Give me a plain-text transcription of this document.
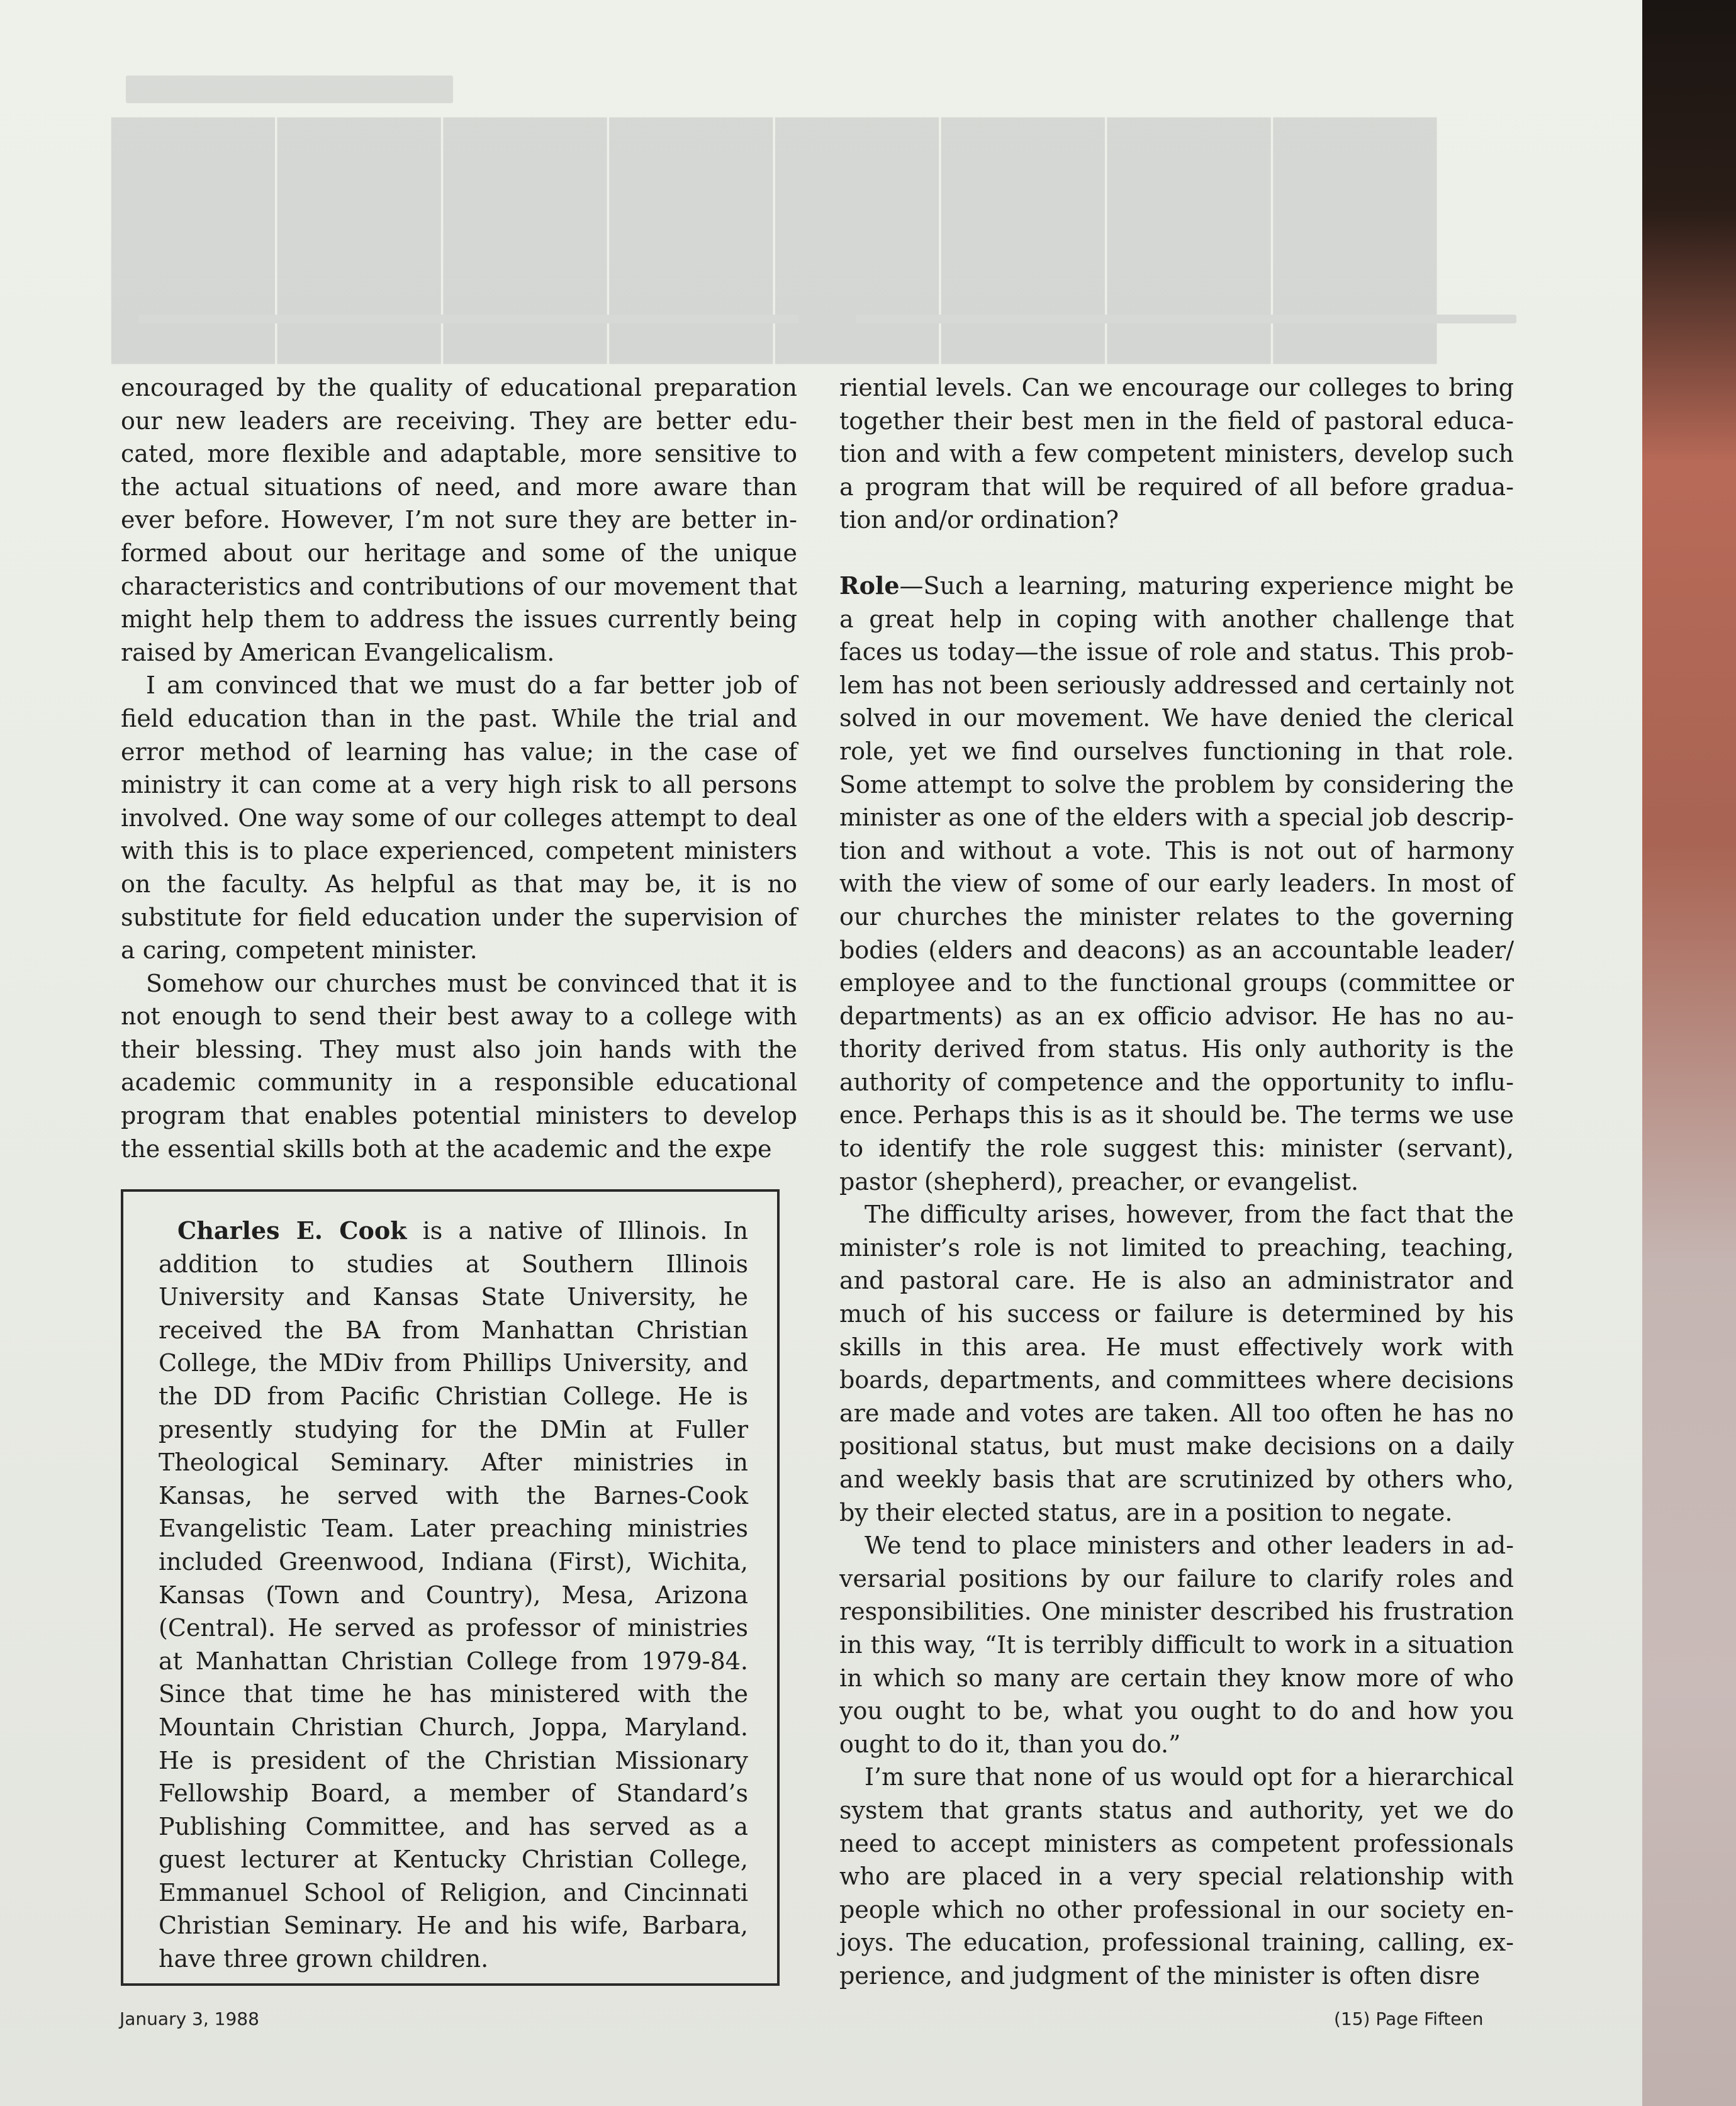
████████

encouraged by the quality of educational preparation our new leaders are receiving. They are better educated, more flexible and adaptable, more sensitive to the actual situations of need, and more aware than ever before. However, I’m not sure they are better informed about our heritage and some of the unique characteristics and contributions of our movement that might help them to address the issues currently being raised by American Evangelicalism.

I am convinced that we must do a far better job of field education than in the past. While the trial and error method of learning has value; in the case of ministry it can come at a very high risk to all persons involved. One way some of our colleges attempt to deal with this is to place experienced, competent ministers on the faculty. As helpful as that may be, it is no substitute for field education under the supervision of a caring, competent minister.

Somehow our churches must be convinced that it is not enough to send their best away to a college with their blessing. They must also join hands with the academic community in a responsible educational program that enables potential ministers to develop the essential skills both at the academic and the expe

Charles E. Cook is a native of Illinois. In addition to studies at Southern Illinois University and Kansas State University, he received the BA from Manhattan Christian College, the MDiv from Phillips University, and the DD from Pacific Christian College. He is presently studying for the DMin at Fuller Theological Seminary. After ministries in Kansas, he served with the Barnes-Cook Evangelistic Team. Later preaching ministries included Greenwood, Indiana (First), Wichita, Kansas (Town and Country), Mesa, Arizona (Central). He served as professor of ministries at Manhattan Christian College from 1979-84. Since that time he has ministered with the Mountain Christian Church, Joppa, Maryland. He is president of the Christian Missionary Fellowship Board, a member of Standard’s Publishing Committee, and has served as a guest lecturer at Kentucky Christian College, Emmanuel School of Religion, and Cincinnati Christian Seminary. He and his wife, Barbara, have three grown children.

riential levels. Can we encourage our colleges to bring together their best men in the field of pastoral education and with a few competent ministers, develop such a program that will be required of all before graduation and/or ordination?

Role—Such a learning, maturing experience might be a great help in coping with another challenge that faces us today—the issue of role and status. This problem has not been seriously addressed and certainly not solved in our movement. We have denied the clerical role, yet we find ourselves functioning in that role. Some attempt to solve the problem by considering the minister as one of the elders with a special job description and without a vote. This is not out of harmony with the view of some of our early leaders. In most of our churches the minister relates to the governing bodies (elders and deacons) as an accountable leader/ employee and to the functional groups (committee or departments) as an ex officio advisor. He has no authority derived from status. His only authority is the authority of competence and the opportunity to influence. Perhaps this is as it should be. The terms we use to identify the role suggest this: minister (servant), pastor (shepherd), preacher, or evangelist.

The difficulty arises, however, from the fact that the minister’s role is not limited to preaching, teaching, and pastoral care. He is also an administrator and much of his success or failure is determined by his skills in this area. He must effectively work with boards, departments, and committees where decisions are made and votes are taken. All too often he has no positional status, but must make decisions on a daily and weekly basis that are scrutinized by others who, by their elected status, are in a position to negate.

We tend to place ministers and other leaders in adversarial positions by our failure to clarify roles and responsibilities. One minister described his frustration in this way, “It is terribly difficult to work in a situation in which so many are certain they know more of who you ought to be, what you ought to do and how you ought to do it, than you do.”

I’m sure that none of us would opt for a hierarchical system that grants status and authority, yet we do need to accept ministers as competent professionals who are placed in a very special relationship with people which no other professional in our society enjoys. The education, professional training, calling, experience, and judgment of the minister is often disre

January 3, 1988	(15) Page Fifteen
